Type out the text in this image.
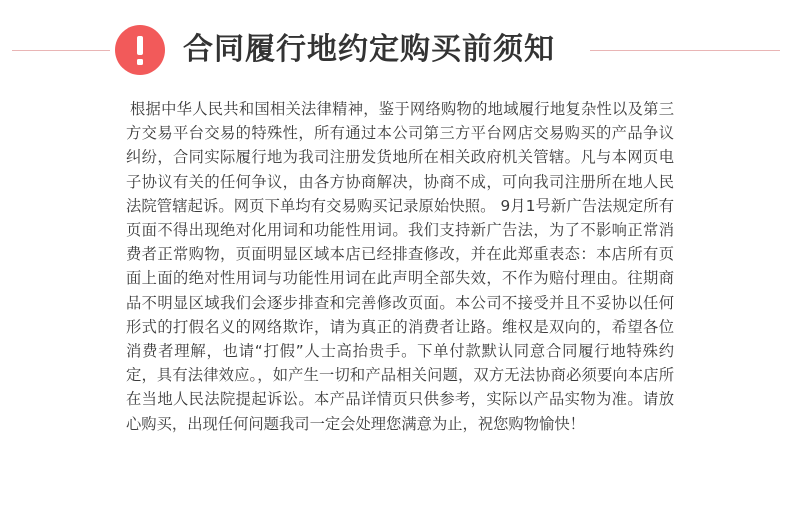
合同履行地约定购买前须知

根据中华人民共和国相关法律精神，鉴于网络购物的地域履行地复杂性以及第三方交易平台交易的特殊性，所有通过本公司第三方平台网店交易购买的产品争议纠纷，合同实际履行地为我司注册发货地所在相关政府机关管辖。凡与本网页电子协议有关的任何争议，由各方协商解决，协商不成，可向我司注册所在地人民法院管辖起诉。网页下单均有交易购买记录原始快照。 9月1号新广告法规定所有页面不得出现绝对化用词和功能性用词。我们支持新广告法，为了不影响正常消费者正常购物，页面明显区域本店已经排查修改，并在此郑重表态：本店所有页面上面的绝对性用词与功能性用词在此声明全部失效，不作为赔付理由。往期商品不明显区域我们会逐步排查和完善修改页面。本公司不接受并且不妥协以任何形式的打假名义的网络欺诈，请为真正的消费者让路。维权是双向的，希望各位消费者理解，也请“打假”人士高抬贵手。下单付款默认同意合同履行地特殊约定，具有法律效应。，如产生一切和产品相关问题，双方无法协商必须要向本店所在当地人民法院提起诉讼。本产品详情页只供参考，实际以产品实物为准。请放心购买，出现任何问题我司一定会处理您满意为止，祝您购物愉快！
